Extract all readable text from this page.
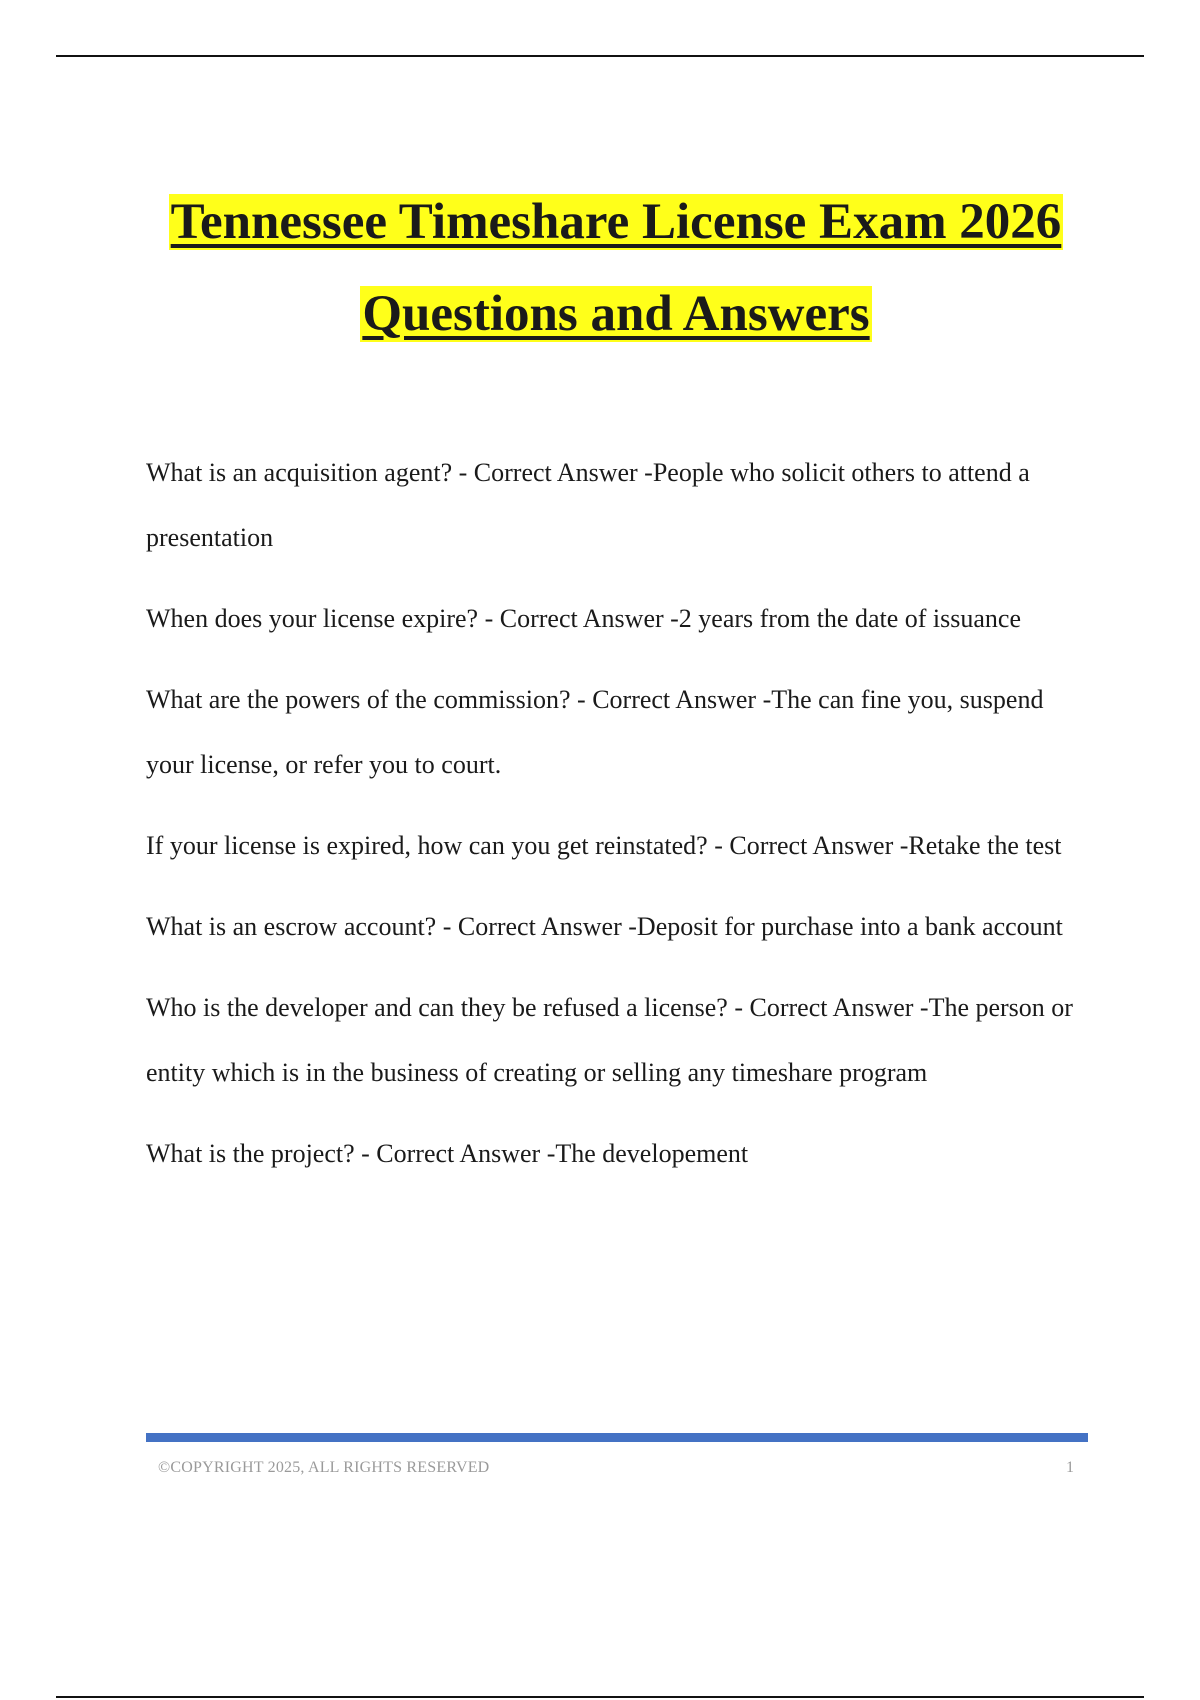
Tennessee Timeshare License Exam 2026
Questions and Answers

What is an acquisition agent? - Correct Answer -People who solicit others to attend a presentation

When does your license expire? - Correct Answer -2 years from the date of issuance

What are the powers of the commission? - Correct Answer -The can fine you, suspend your license, or refer you to court.

If your license is expired, how can you get reinstated? - Correct Answer -Retake the test

What is an escrow account? - Correct Answer -Deposit for purchase into a bank account

Who is the developer and can they be refused a license? - Correct Answer -The person or entity which is in the business of creating or selling any timeshare program

What is the project? - Correct Answer -The developement

©COPYRIGHT 2025, ALL RIGHTS RESERVED	1
